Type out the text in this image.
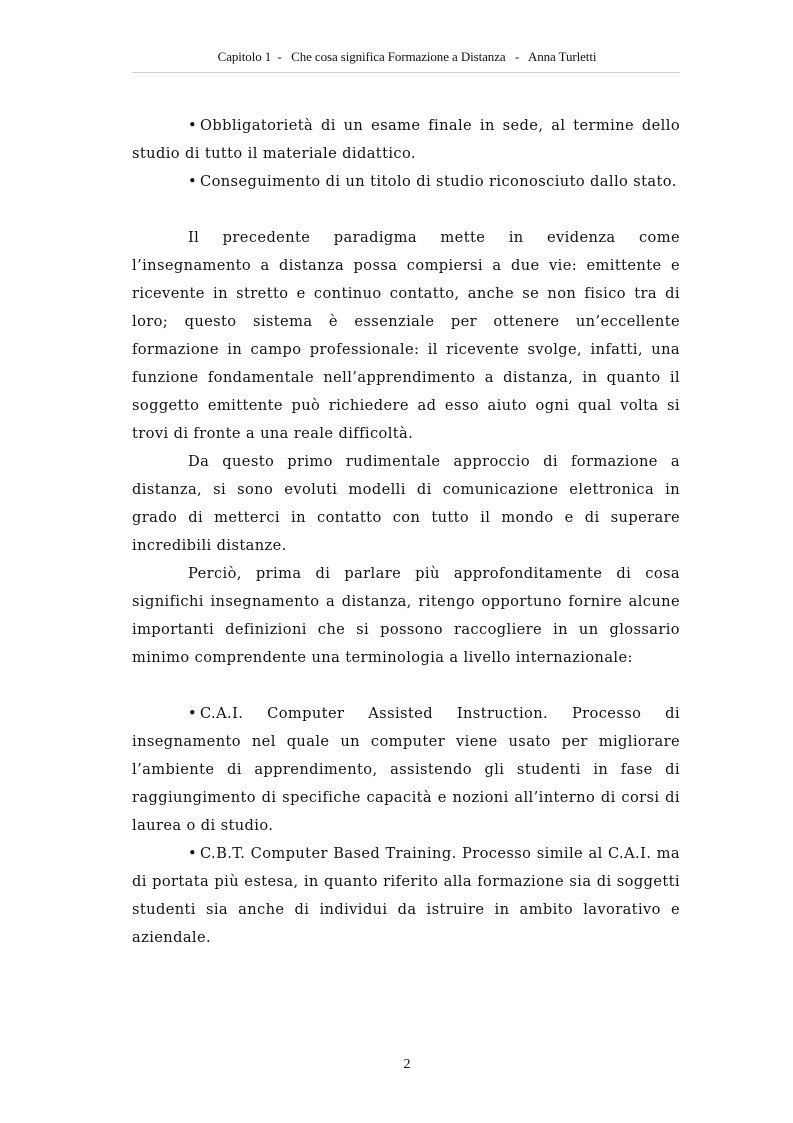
Capitolo 1  -   Che cosa significa Formazione a Distanza   -   Anna Turletti

• Obbligatorietà di un esame finale in sede, al termine dello studio di tutto il materiale didattico.

• Conseguimento di un titolo di studio riconosciuto dallo stato.

Il precedente paradigma mette in evidenza come l’insegnamento a distanza possa compiersi a due vie: emittente e ricevente in stretto e continuo contatto, anche se non fisico tra di loro; questo sistema è essenziale per ottenere un’eccellente formazione in campo professionale: il ricevente svolge, infatti, una funzione fondamentale nell’apprendimento a distanza, in quanto il soggetto emittente può richiedere ad esso aiuto ogni qual volta si trovi di fronte a una reale difficoltà.

Da questo primo rudimentale approccio di formazione a distanza, si sono evoluti modelli di comunicazione elettronica in grado di metterci in contatto con tutto il mondo e di superare incredibili distanze.

Perciò, prima di parlare più approfonditamente di cosa significhi insegnamento a distanza, ritengo opportuno fornire alcune importanti definizioni che si possono raccogliere in un glossario minimo comprendente una terminologia a livello internazionale:

• C.A.I. Computer Assisted Instruction. Processo di insegnamento nel quale un computer viene usato per migliorare l’ambiente di apprendimento, assistendo gli studenti in fase di raggiungimento di specifiche capacità e nozioni all’interno di corsi di laurea o di studio.

• C.B.T. Computer Based Training. Processo simile al C.A.I. ma di portata più estesa, in quanto riferito alla formazione sia di soggetti studenti sia anche di individui da istruire in ambito lavorativo e aziendale.

2
